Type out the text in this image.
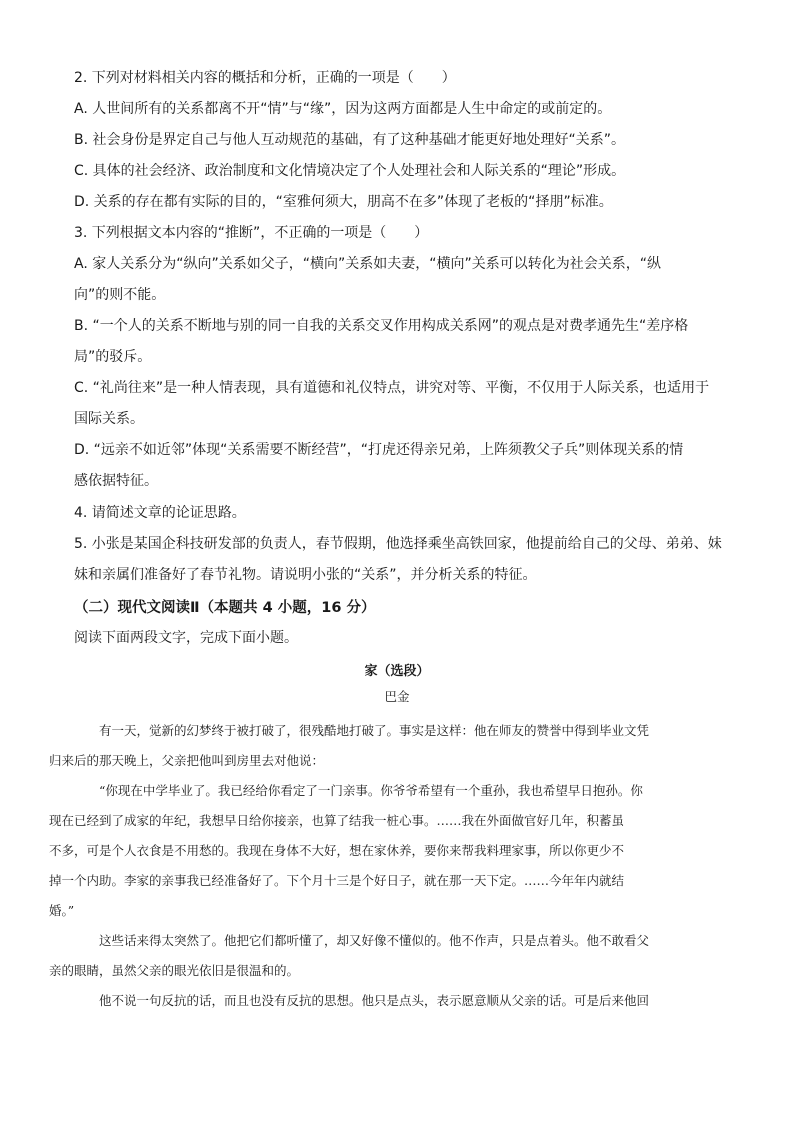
2. 下列对材料相关内容的概括和分析，正确的一项是（　　）

A. 人世间所有的关系都离不开“情”与“缘”，因为这两方面都是人生中命定的或前定的。

B. 社会身份是界定自己与他人互动规范的基础，有了这种基础才能更好地处理好“关系”。

C. 具体的社会经济、政治制度和文化情境决定了个人处理社会和人际关系的“理论”形成。

D. 关系的存在都有实际的目的，“室雅何须大，朋高不在多”体现了老板的“择朋”标准。

3. 下列根据文本内容的“推断”，不正确的一项是（　　）

A. 家人关系分为“纵向”关系如父子，“横向”关系如夫妻，“横向”关系可以转化为社会关系，“纵

向”的则不能。

B. “一个人的关系不断地与别的同一自我的关系交叉作用构成关系网”的观点是对费孝通先生“差序格

局”的驳斥。

C. “礼尚往来”是一种人情表现，具有道德和礼仪特点，讲究对等、平衡，不仅用于人际关系，也适用于

国际关系。

D. “远亲不如近邻”体现“关系需要不断经营”，“打虎还得亲兄弟，上阵须教父子兵”则体现关系的情

感依据特征。

4. 请简述文章的论证思路。

5. 小张是某国企科技研发部的负责人，春节假期，他选择乘坐高铁回家，他提前给自己的父母、弟弟、妹

妹和亲属们准备好了春节礼物。请说明小张的“关系”，并分析关系的特征。

（二）现代文阅读Ⅱ（本题共 4 小题，16 分）
阅读下面两段文字，完成下面小题。
家（选段）
巴金

有一天，觉新的幻梦终于被打破了，很残酷地打破了。事实是这样：他在师友的赞誉中得到毕业文凭
归来后的那天晚上，父亲把他叫到房里去对他说：

“你现在中学毕业了。我已经给你看定了一门亲事。你爷爷希望有一个重孙，我也希望早日抱孙。你
现在已经到了成家的年纪，我想早日给你接亲，也算了结我一桩心事。……我在外面做官好几年，积蓄虽
不多，可是个人衣食是不用愁的。我现在身体不大好，想在家休养，要你来帮我料理家事，所以你更少不
掉一个内助。李家的亲事我已经准备好了。下个月十三是个好日子，就在那一天下定。……今年年内就结
婚。”

这些话来得太突然了。他把它们都听懂了，却又好像不懂似的。他不作声，只是点着头。他不敢看父
亲的眼睛，虽然父亲的眼光依旧是很温和的。

他不说一句反抗的话，而且也没有反抗的思想。他只是点头，表示愿意顺从父亲的话。可是后来他回
